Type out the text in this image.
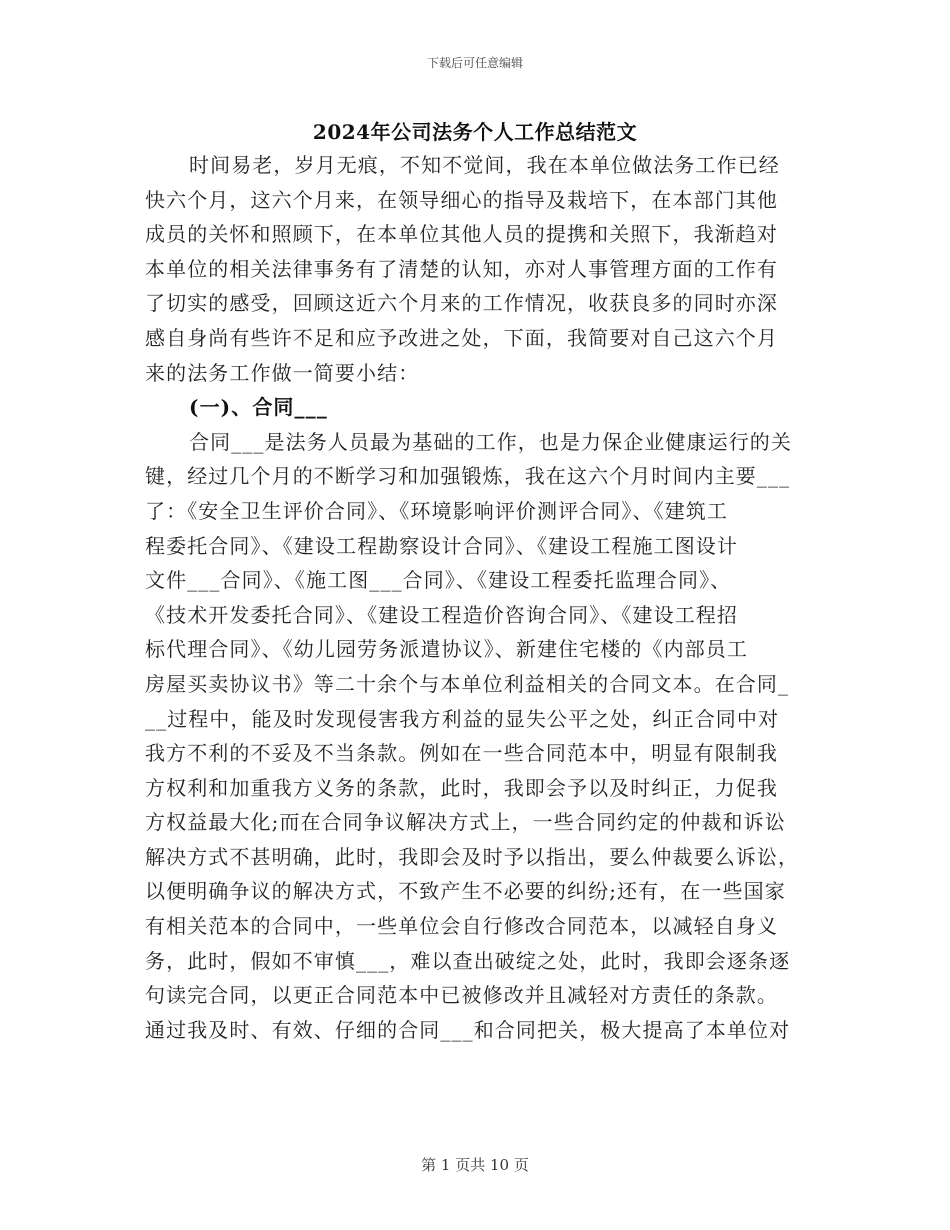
下载后可任意编辑
2024年公司法务个人工作总结范文
时间易老，岁月无痕，不知不觉间，我在本单位做法务工作已经
快六个月，这六个月来，在领导细心的指导及栽培下，在本部门其他
成员的关怀和照顾下，在本单位其他人员的提携和关照下，我渐趋对
本单位的相关法律事务有了清楚的认知，亦对人事管理方面的工作有
了切实的感受，回顾这近六个月来的工作情况，收获良多的同时亦深
感自身尚有些许不足和应予改进之处，下面，我简要对自己这六个月
来的法务工作做一简要小结：
(一)、合同___
合同___是法务人员最为基础的工作，也是力保企业健康运行的关
键，经过几个月的不断学习和加强锻炼，我在这六个月时间内主要___
了：《安全卫生评价合同》、《环境影响评价测评合同》、《建筑工
程委托合同》、《建设工程勘察设计合同》、《建设工程施工图设计
文件___合同》、《施工图___合同》、《建设工程委托监理合同》、
《技术开发委托合同》、《建设工程造价咨询合同》、《建设工程招
标代理合同》、《幼儿园劳务派遣协议》、新建住宅楼的《内部员工
房屋买卖协议书》等二十余个与本单位利益相关的合同文本。在合同_
__过程中，能及时发现侵害我方利益的显失公平之处，纠正合同中对
我方不利的不妥及不当条款。例如在一些合同范本中，明显有限制我
方权利和加重我方义务的条款，此时，我即会予以及时纠正，力促我
方权益最大化;而在合同争议解决方式上，一些合同约定的仲裁和诉讼
解决方式不甚明确，此时，我即会及时予以指出，要么仲裁要么诉讼，
以便明确争议的解决方式，不致产生不必要的纠纷;还有，在一些国家
有相关范本的合同中，一些单位会自行修改合同范本，以减轻自身义
务，此时，假如不审慎___，难以查出破绽之处，此时，我即会逐条逐
句读完合同，以更正合同范本中已被修改并且减轻对方责任的条款。
通过我及时、有效、仔细的合同___和合同把关，极大提高了本单位对
第 1 页共 10 页
